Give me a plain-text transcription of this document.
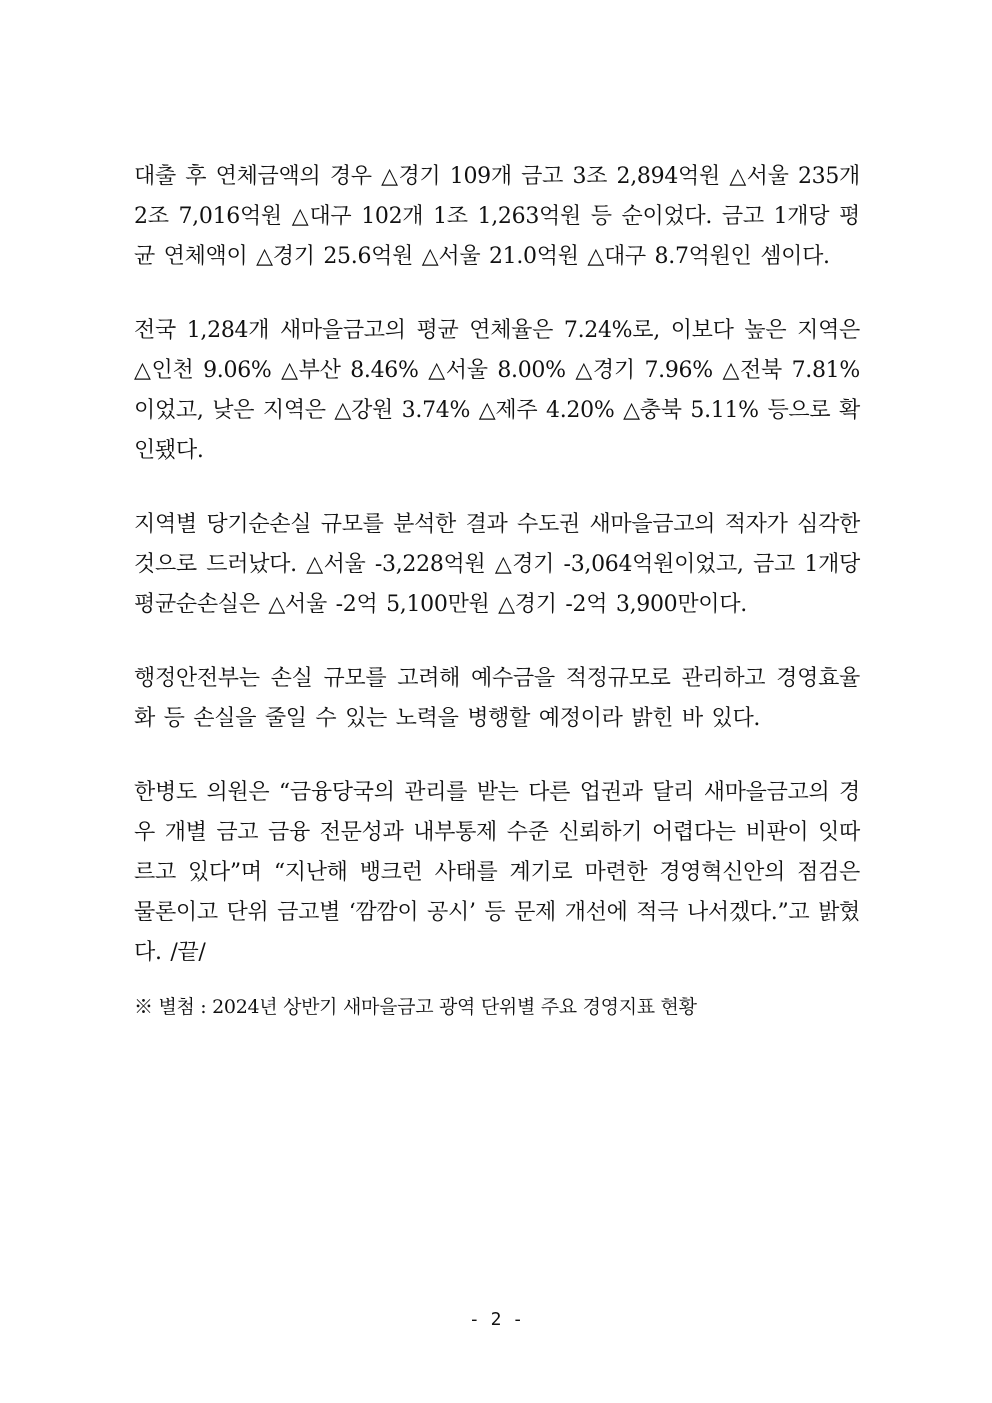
대출 후 연체금액의 경우 △경기 109개 금고 3조 2,894억원 △서울 235개 2조 7,016억원 △대구 102개 1조 1,263억원 등 순이었다. 금고 1개당 평균 연체액이 △경기 25.6억원 △서울 21.0억원 △대구 8.7억원인 셈이다.

전국 1,284개 새마을금고의 평균 연체율은 7.24%로, 이보다 높은 지역은 △인천 9.06% △부산 8.46% △서울 8.00% △경기 7.96% △전북 7.81%이었고, 낮은 지역은 △강원 3.74% △제주 4.20% △충북 5.11% 등으로 확인됐다.

지역별 당기순손실 규모를 분석한 결과 수도권 새마을금고의 적자가 심각한 것으로 드러났다. △서울 -3,228억원 △경기 -3,064억원이었고, 금고 1개당 평균순손실은 △서울 -2억 5,100만원 △경기 -2억 3,900만이다.

행정안전부는 손실 규모를 고려해 예수금을 적정규모로 관리하고 경영효율화 등 손실을 줄일 수 있는 노력을 병행할 예정이라 밝힌 바 있다.

한병도 의원은 “금융당국의 관리를 받는 다른 업권과 달리 새마을금고의 경우 개별 금고 금융 전문성과 내부통제 수준 신뢰하기 어렵다는 비판이 잇따르고 있다”며 “지난해 뱅크런 사태를 계기로 마련한 경영혁신안의 점검은 물론이고 단위 금고별 ‘깜깜이 공시’ 등 문제 개선에 적극 나서겠다.”고 밝혔다. /끝/

※ 별첨 : 2024년 상반기 새마을금고 광역 단위별 주요 경영지표 현황

- 2 -
